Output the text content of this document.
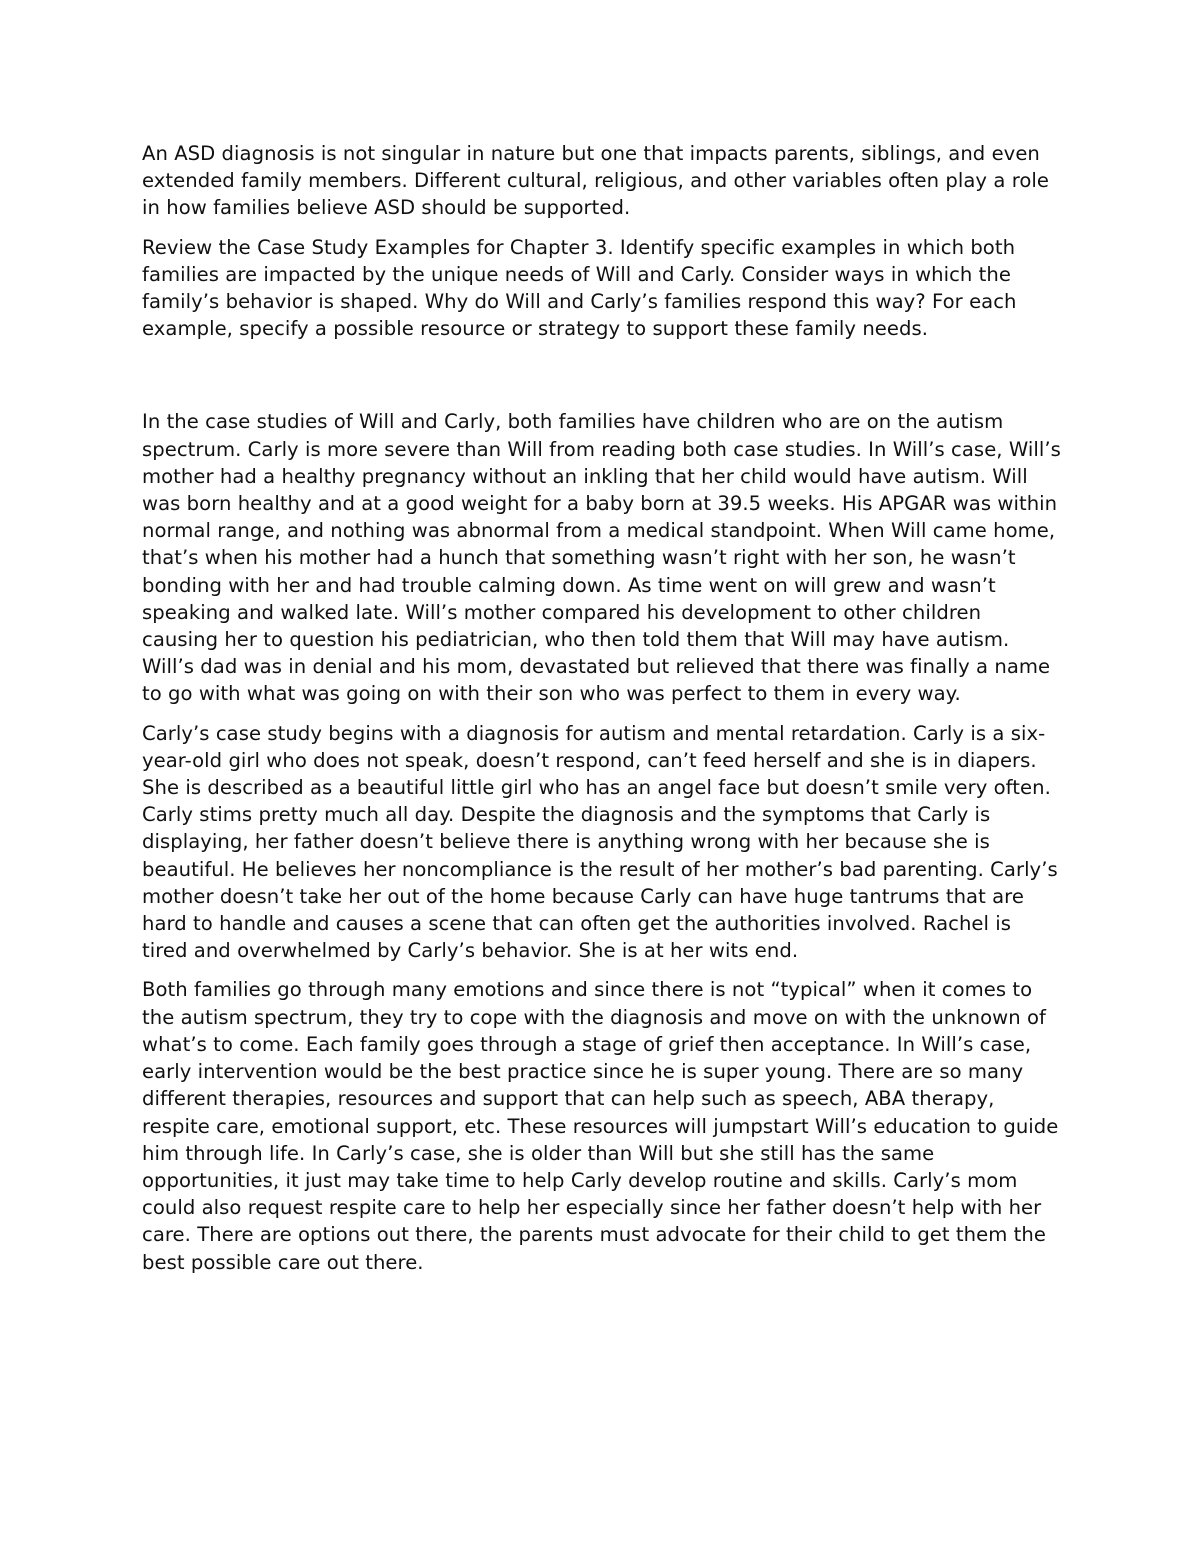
An ASD diagnosis is not singular in nature but one that impacts parents, siblings, and even extended family members. Different cultural, religious, and other variables often play a role in how families believe ASD should be supported.

Review the Case Study Examples for Chapter 3. Identify specific examples in which both families are impacted by the unique needs of Will and Carly. Consider ways in which the family’s behavior is shaped. Why do Will and Carly’s families respond this way? For each example, specify a possible resource or strategy to support these family needs.

In the case studies of Will and Carly, both families have children who are on the autism spectrum. Carly is more severe than Will from reading both case studies. In Will’s case, Will’s mother had a healthy pregnancy without an inkling that her child would have autism. Will was born healthy and at a good weight for a baby born at 39.5 weeks. His APGAR was within normal range, and nothing was abnormal from a medical standpoint. When Will came home, that’s when his mother had a hunch that something wasn’t right with her son, he wasn’t bonding with her and had trouble calming down. As time went on will grew and wasn’t speaking and walked late. Will’s mother compared his development to other children causing her to question his pediatrician, who then told them that Will may have autism. Will’s dad was in denial and his mom, devastated but relieved that there was finally a name to go with what was going on with their son who was perfect to them in every way.

Carly’s case study begins with a diagnosis for autism and mental retardation. Carly is a six-year-old girl who does not speak, doesn’t respond, can’t feed herself and she is in diapers. She is described as a beautiful little girl who has an angel face but doesn’t smile very often. Carly stims pretty much all day. Despite the diagnosis and the symptoms that Carly is displaying, her father doesn’t believe there is anything wrong with her because she is beautiful. He believes her noncompliance is the result of her mother’s bad parenting. Carly’s mother doesn’t take her out of the home because Carly can have huge tantrums that are hard to handle and causes a scene that can often get the authorities involved. Rachel is tired and overwhelmed by Carly’s behavior. She is at her wits end.

Both families go through many emotions and since there is not “typical” when it comes to the autism spectrum, they try to cope with the diagnosis and move on with the unknown of what’s to come. Each family goes through a stage of grief then acceptance. In Will’s case, early intervention would be the best practice since he is super young. There are so many different therapies, resources and support that can help such as speech, ABA therapy, respite care, emotional support, etc. These resources will jumpstart Will’s education to guide him through life. In Carly’s case, she is older than Will but she still has the same opportunities, it just may take time to help Carly develop routine and skills. Carly’s mom could also request respite care to help her especially since her father doesn’t help with her care. There are options out there, the parents must advocate for their child to get them the best possible care out there.
